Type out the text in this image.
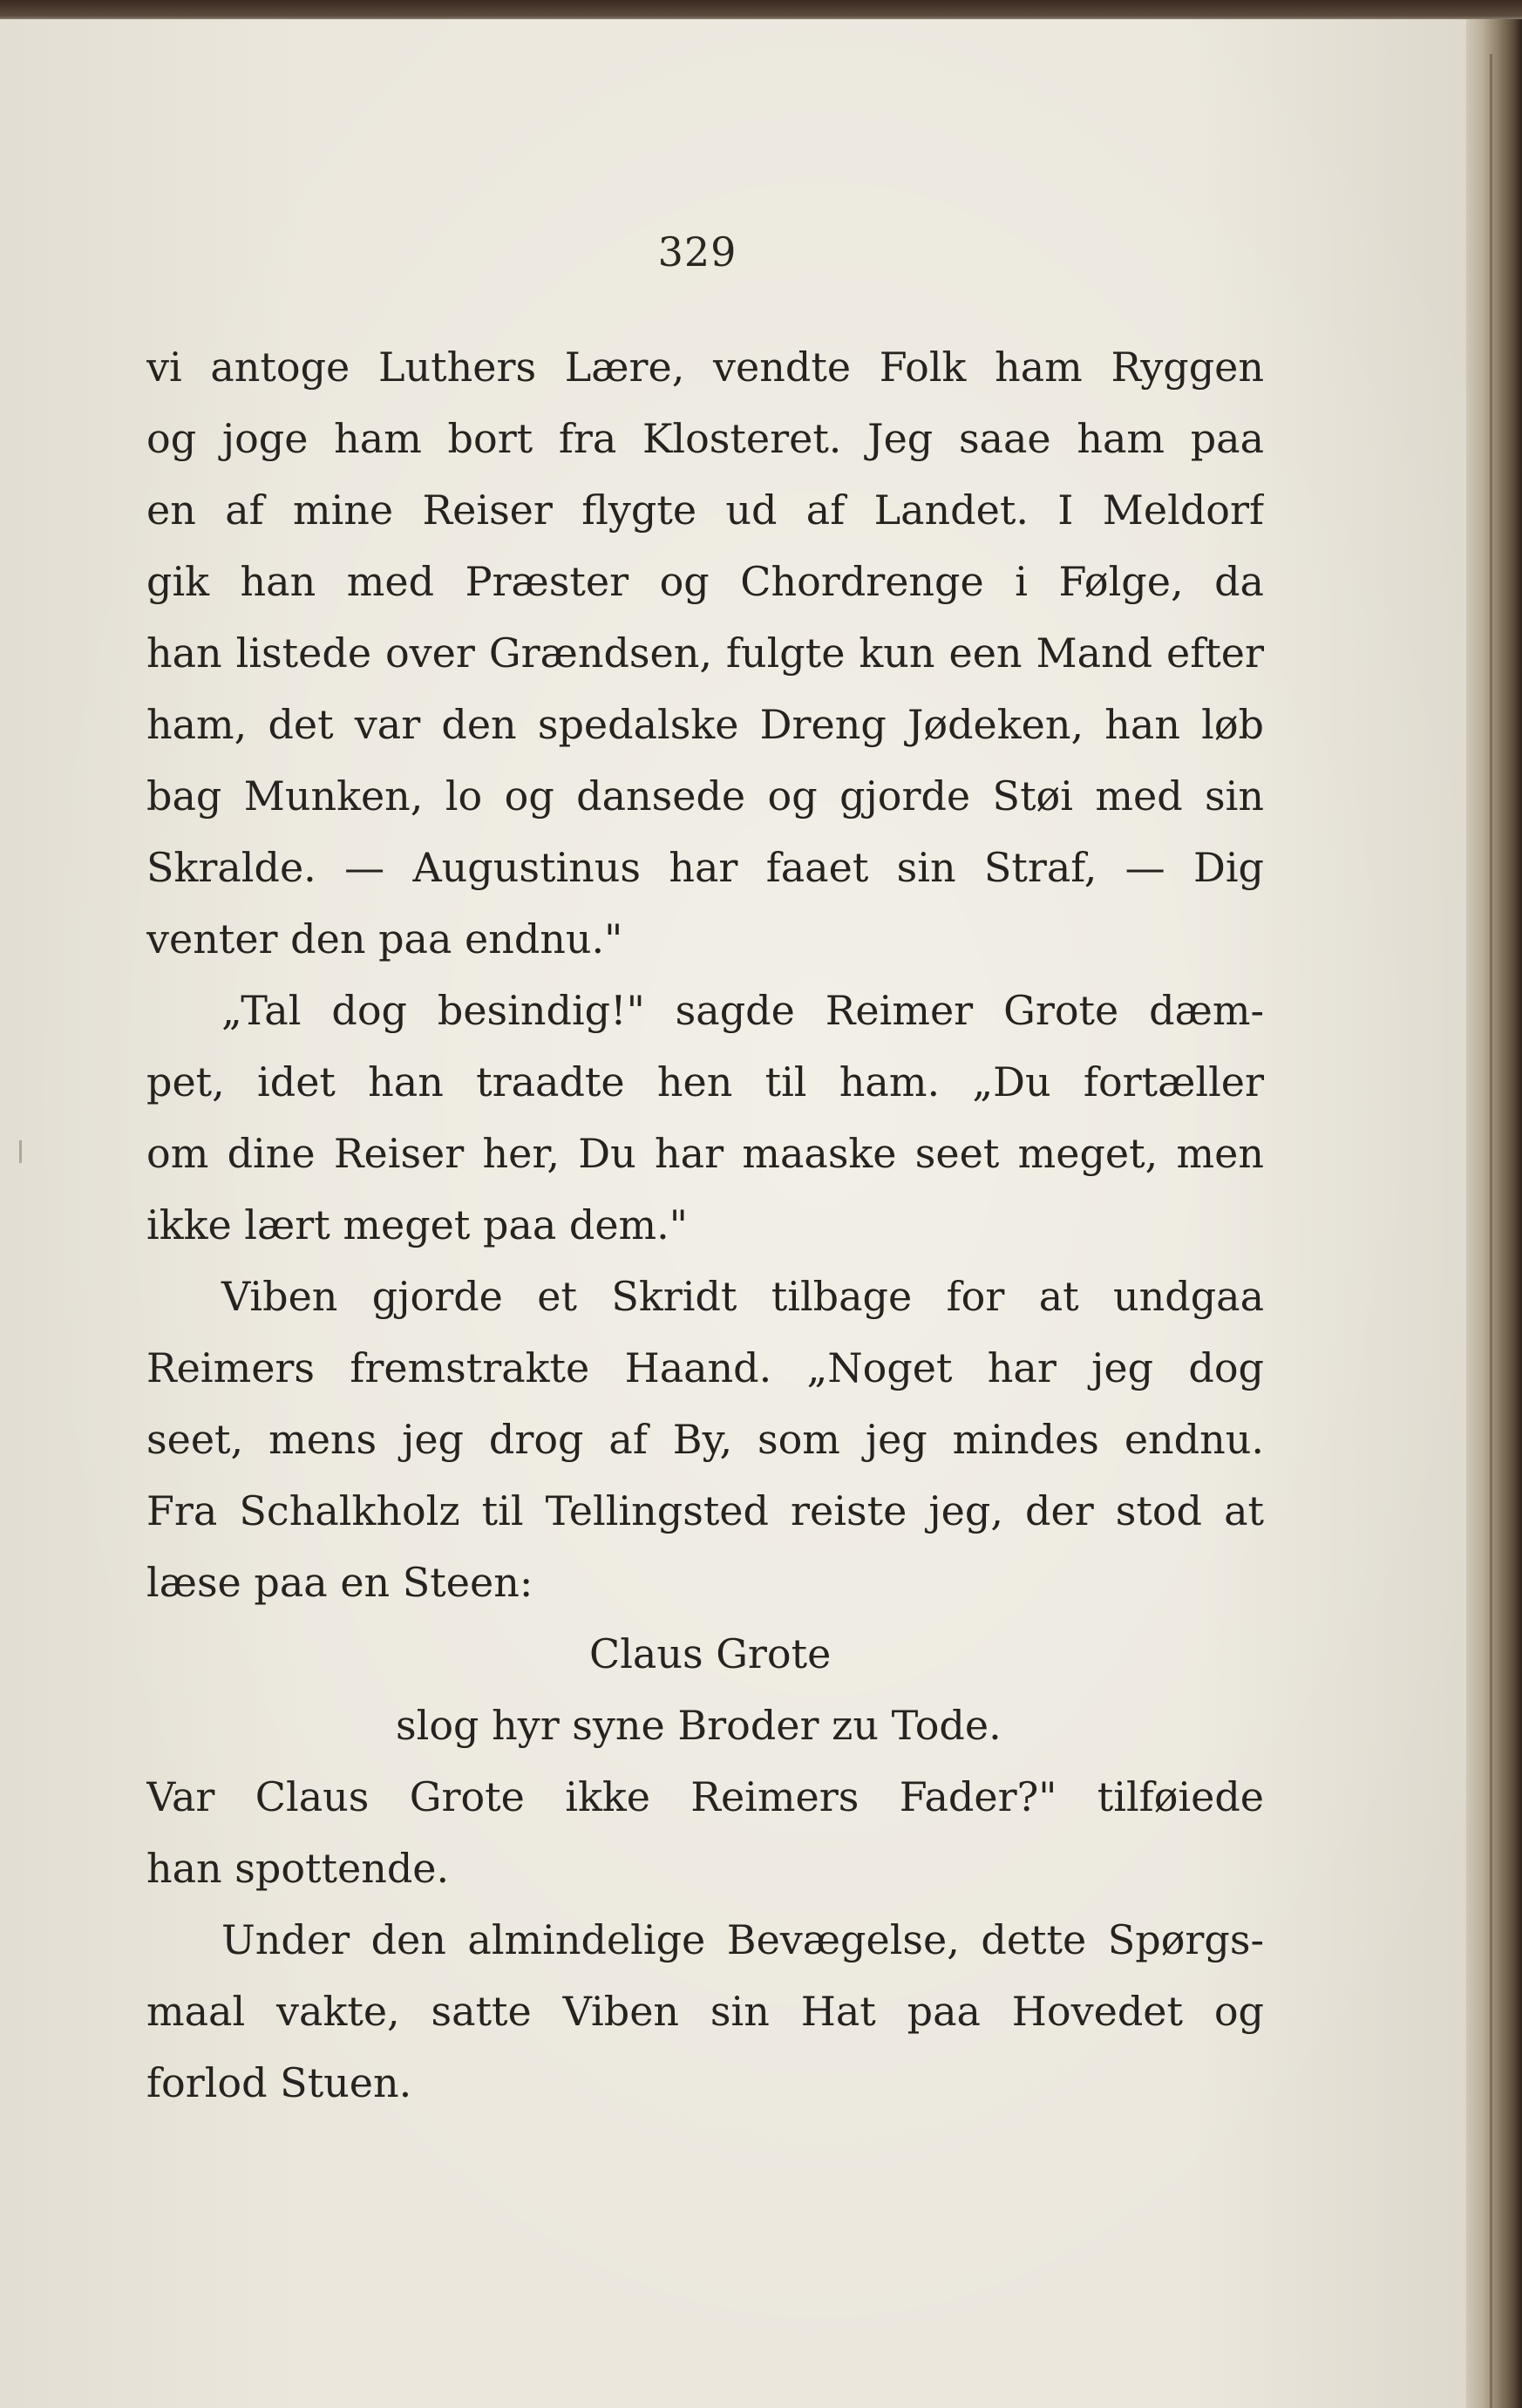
329
vi antoge Luthers Lære, vendte Folk ham Ryggen
og joge ham bort fra Klosteret. Jeg saae ham paa
en af mine Reiser flygte ud af Landet. I Meldorf
gik han med Præster og Chordrenge i Følge, da
han listede over Grændsen, fulgte kun een Mand efter
ham, det var den spedalske Dreng Jødeken, han løb
bag Munken, lo og dansede og gjorde Støi med sin
Skralde. — Augustinus har faaet sin Straf, — Dig
venter den paa endnu."
„Tal dog besindig!" sagde Reimer Grote dæm-
pet, idet han traadte hen til ham. „Du fortæller
om dine Reiser her, Du har maaske seet meget, men
ikke lært meget paa dem."
Viben gjorde et Skridt tilbage for at undgaa
Reimers fremstrakte Haand. „Noget har jeg dog
seet, mens jeg drog af By, som jeg mindes endnu.
Fra Schalkholz til Tellingsted reiste jeg, der stod at
læse paa en Steen:
Claus Grote
slog hyr syne Broder zu Tode.
Var Claus Grote ikke Reimers Fader?" tilføiede
han spottende.
Under den almindelige Bevægelse, dette Spørgs-
maal vakte, satte Viben sin Hat paa Hovedet og
forlod Stuen.
